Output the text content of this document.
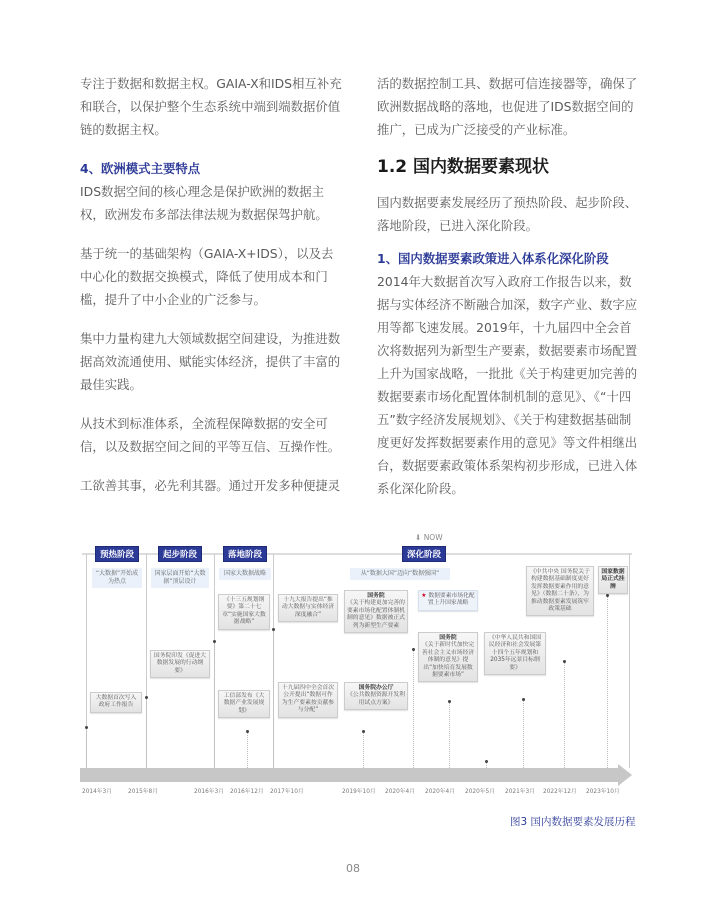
专注于数据和数据主权。GAIA-X和IDS相互补充和联合，以保护整个生态系统中端到端数据价值链的数据主权。

4、欧洲模式主要特点

IDS数据空间的核心理念是保护欧洲的数据主权，欧洲发布多部法律法规为数据保驾护航。

基于统一的基础架构（GAIA-X+IDS），以及去中心化的数据交换模式，降低了使用成本和门槛，提升了中小企业的广泛参与。

集中力量构建九大领域数据空间建设，为推进数据高效流通使用、赋能实体经济，提供了丰富的最佳实践。

从技术到标准体系，全流程保障数据的安全可信，以及数据空间之间的平等互信、互操作性。

工欲善其事，必先利其器。通过开发多种便捷灵

活的数据控制工具、数据可信连接器等，确保了欧洲数据战略的落地，也促进了IDS数据空间的推广，已成为广泛接受的产业标准。

1.2 国内数据要素现状

国内数据要素发展经历了预热阶段、起步阶段、落地阶段，已进入深化阶段。

1、国内数据要素政策进入体系化深化阶段

2014年大数据首次写入政府工作报告以来，数据与实体经济不断融合加深，数字产业、数字应用等都飞速发展。2019年，十九届四中全会首次将数据列为新型生产要素，数据要素市场配置上升为国家战略，一批批《关于构建更加完善的数据要素市场化配置体制机制的意见》、《“十四五”数字经济发展规划》、《关于构建数据基础制度更好发挥数据要素作用的意见》等文件相继出台，数据要素政策体系架构初步形成，已进入体系化深化阶段。

⬇ NOW
预热阶段	起步阶段	落地阶段	深化阶段
“大数据”开始成为热点
国家层面开始“大数据”顶层设计
国家大数据战略	从“数据大国”迈向“数据强国”
大数据首次写入政府工作报告
国务院印发《促进大数据发展的行动纲要》
《十三五规划纲要》第二十七章“实施国家大数据战略”
工信部发布《大数据产业发展规划》
十九大报告提出“推动大数据与实体经济深度融合”
十九届四中全会首次公开提出“数据可作为生产要素按贡献参与分配”
国务院
《关于构建更加完善的要素市场化配置体制机制的意见》数据被正式列为新型生产要素
国务院办公厅
《公共数据资源开发利用试点方案》
★ 数据要素市场化配置上升国家战略
国务院
《关于新时代加快完善社会主义市场经济体制的意见》提出“加快培育发展数据要素市场”
《中华人民共和国国民经济和社会发展第十四个五年规划和2035年远景目标纲要》
《中共中央 国务院关于构建数据基础制度更好发挥数据要素作用的意见》（数据二十条），为推动数据要素发展筑牢政策基础
国家数据局正式挂牌
2014年3月	2015年8月	2016年3月 2016年12月 2017年10月	2019年10月 2020年4月 2020年4月 2020年5月 2021年3月 2022年12月 2023年10月
图3 国内数据要素发展历程
08
